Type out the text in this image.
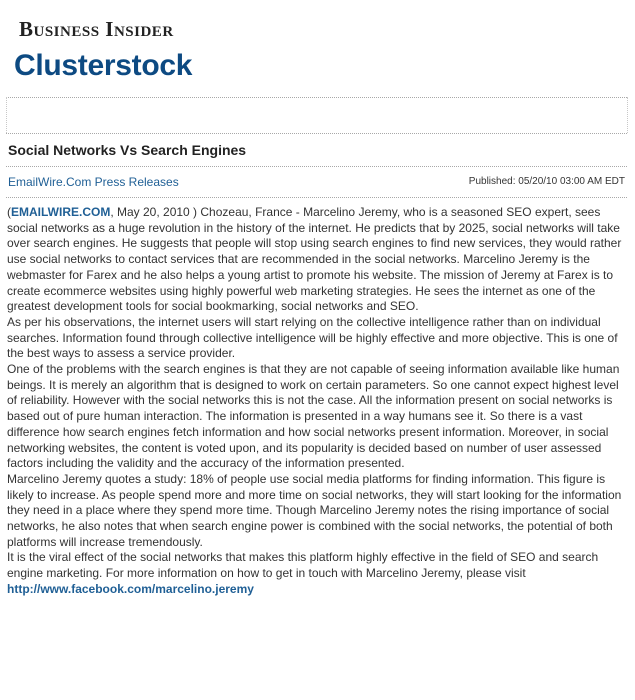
Business Insider
Clusterstock
Social Networks Vs Search Engines
EmailWire.Com Press Releases	Published: 05/20/10 03:00 AM EDT

(EMAILWIRE.COM, May 20, 2010 ) Chozeau, France - Marcelino Jeremy, who is a seasoned SEO expert, sees social networks as a huge revolution in the history of the internet. He predicts that by 2025, social networks will take over search engines. He suggests that people will stop using search engines to find new services, they would rather use social networks to contact services that are recommended in the social networks. Marcelino Jeremy is the webmaster for Farex and he also helps a young artist to promote his website. The mission of Jeremy at Farex is to create ecommerce websites using highly powerful web marketing strategies. He sees the internet as one of the greatest development tools for social bookmarking, social networks and SEO.

As per his observations, the internet users will start relying on the collective intelligence rather than on individual searches. Information found through collective intelligence will be highly effective and more objective. This is one of the best ways to assess a service provider.

One of the problems with the search engines is that they are not capable of seeing information available like human beings. It is merely an algorithm that is designed to work on certain parameters. So one cannot expect highest level of reliability. However with the social networks this is not the case. All the information present on social networks is based out of pure human interaction. The information is presented in a way humans see it. So there is a vast difference how search engines fetch information and how social networks present information. Moreover, in social networking websites, the content is voted upon, and its popularity is decided based on number of user assessed factors including the validity and the accuracy of the information presented.

Marcelino Jeremy quotes a study: 18% of people use social media platforms for finding information. This figure is likely to increase. As people spend more and more time on social networks, they will start looking for the information they need in a place where they spend more time. Though Marcelino Jeremy notes the rising importance of social networks, he also notes that when search engine power is combined with the social networks, the potential of both platforms will increase tremendously.

It is the viral effect of the social networks that makes this platform highly effective in the field of SEO and search engine marketing. For more information on how to get in touch with Marcelino Jeremy, please visit

http://www.facebook.com/marcelino.jeremy
